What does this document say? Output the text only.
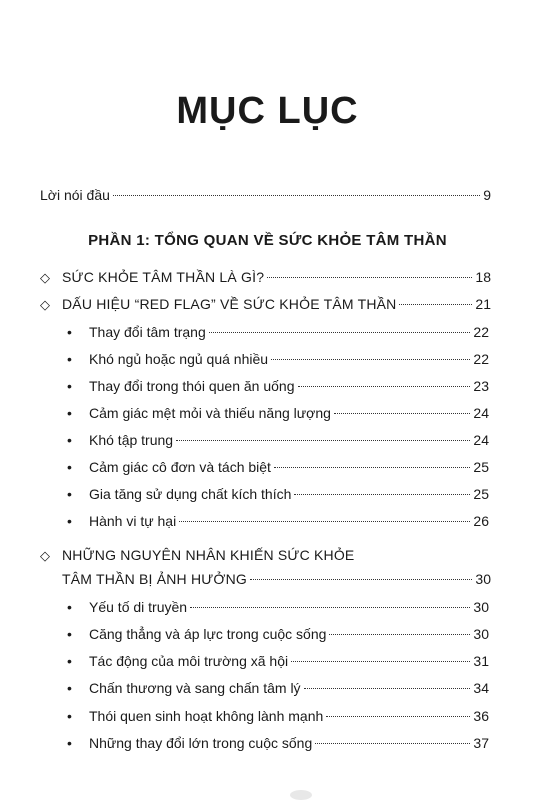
MỤC LỤC
Lời nói đầu	9
PHẦN 1: TỔNG QUAN VỀ SỨC KHỎE TÂM THẦN
◇ SỨC KHỎE TÂM THẦN LÀ GÌ?	18
◇ DẤU HIỆU “RED FLAG” VỀ SỨC KHỎE TÂM THẦN	21
•	Thay đổi tâm trạng	22
•	Khó ngủ hoặc ngủ quá nhiều	22
•	Thay đổi trong thói quen ăn uống	23
•	Cảm giác mệt mỏi và thiếu năng lượng	24
•	Khó tập trung	24
•	Cảm giác cô đơn và tách biệt	25
•	Gia tăng sử dụng chất kích thích	25
•	Hành vi tự hại	26
◇ NHỮNG NGUYÊN NHÂN KHIẾN SỨC KHỎE
TÂM THẦN BỊ ẢNH HƯỞNG	30
•	Yếu tố di truyền	30
•	Căng thẳng và áp lực trong cuộc sống	30
•	Tác động của môi trường xã hội	31
•	Chấn thương và sang chấn tâm lý	34
•	Thói quen sinh hoạt không lành mạnh	36
•	Những thay đổi lớn trong cuộc sống	37
